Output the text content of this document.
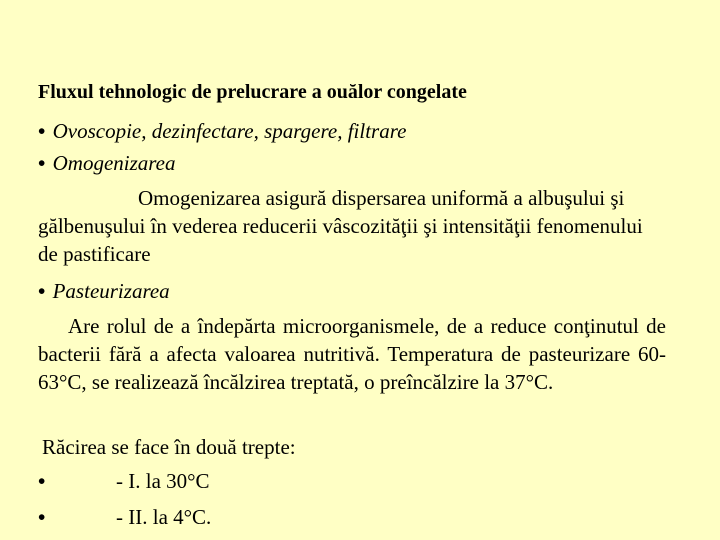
Fluxul tehnologic de prelucrare a ouălor congelate
• Ovoscopie, dezinfectare, spargere, filtrare
• Omogenizarea
Omogenizarea asigură dispersarea uniformă a albuşului şi gălbenuşului în vederea reducerii vâscozităţii şi intensităţii fenomenului de pastificare
• Pasteurizarea
Are rolul de a îndepărta microorganismele, de a reduce conţinutul de bacterii fără a afecta valoarea nutritivă. Temperatura de pasteurizare 60-63°C, se realizează încălzirea treptată, o preîncălzire la 37°C.
Răcirea se face în două trepte:
•	- I. la 30°C
•	- II. la 4°C.
